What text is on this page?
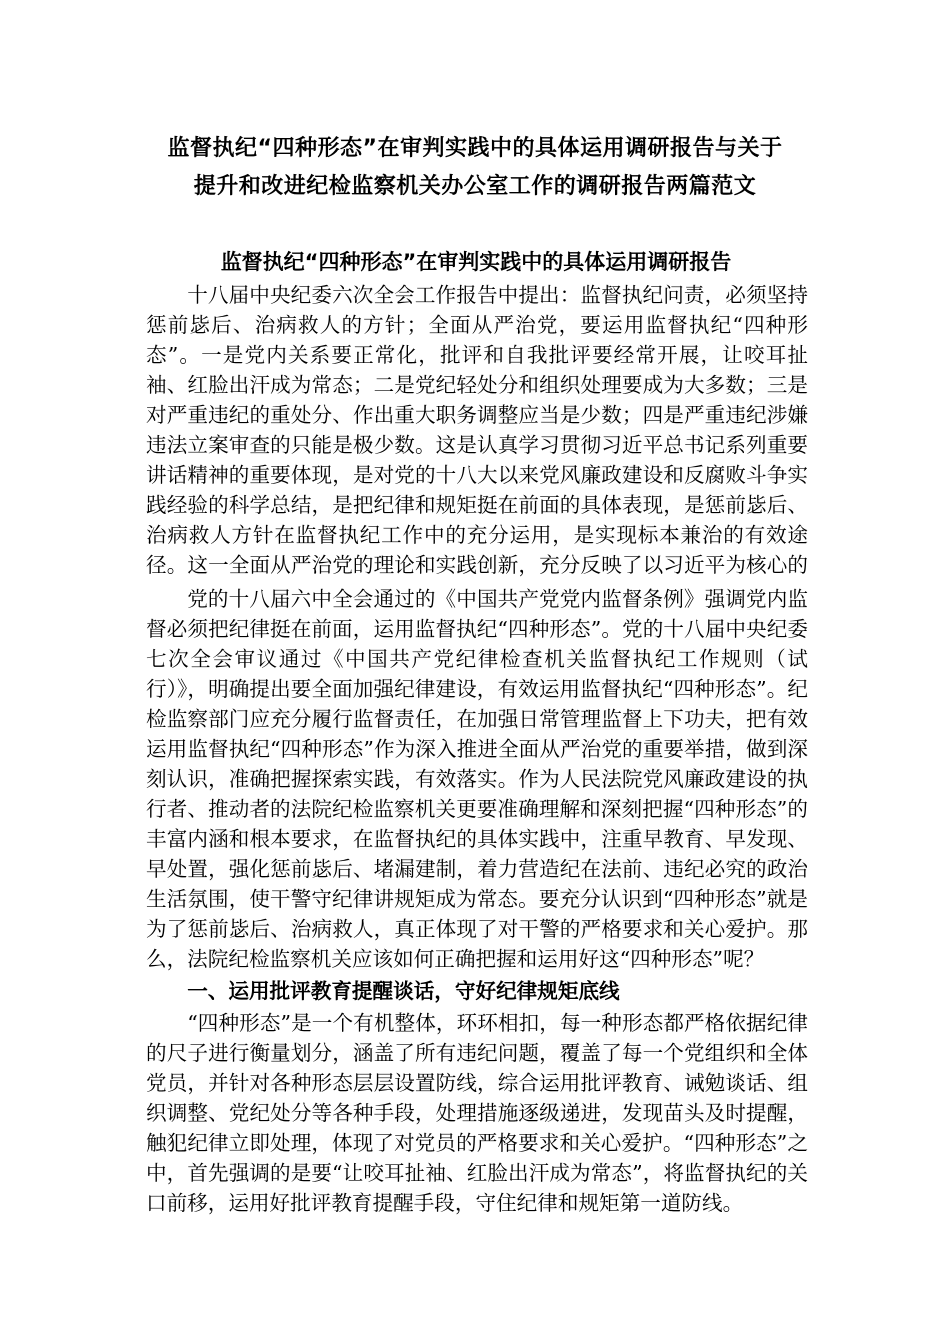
监督执纪“四种形态”在审判实践中的具体运用调研报告与关于
提升和改进纪检监察机关办公室工作的调研报告两篇范文
监督执纪“四种形态”在审判实践中的具体运用调研报告

十八届中央纪委六次全会工作报告中提出：监督执纪问责，必须坚持惩前毖后、治病救人的方针；全面从严治党，要运用监督执纪“四种形态”。一是党内关系要正常化，批评和自我批评要经常开展，让咬耳扯袖、红脸出汗成为常态；二是党纪轻处分和组织处理要成为大多数；三是对严重违纪的重处分、作出重大职务调整应当是少数；四是严重违纪涉嫌违法立案审查的只能是极少数。这是认真学习贯彻习近平总书记系列重要讲话精神的重要体现，是对党的十八大以来党风廉政建设和反腐败斗争实践经验的科学总结，是把纪律和规矩挺在前面的具体表现，是惩前毖后、治病救人方针在监督执纪工作中的充分运用，是实现标本兼治的有效途径。这一全面从严治党的理论和实践创新，充分反映了以习近平为核心的

党的十八届六中全会通过的《中国共产党党内监督条例》强调党内监督必须把纪律挺在前面，运用监督执纪“四种形态”。党的十八届中央纪委七次全会审议通过《中国共产党纪律检查机关监督执纪工作规则（试行）》，明确提出要全面加强纪律建设，有效运用监督执纪“四种形态”。纪检监察部门应充分履行监督责任，在加强日常管理监督上下功夫，把有效运用监督执纪“四种形态”作为深入推进全面从严治党的重要举措，做到深刻认识，准确把握探索实践，有效落实。作为人民法院党风廉政建设的执行者、推动者的法院纪检监察机关更要准确理解和深刻把握“四种形态”的丰富内涵和根本要求，在监督执纪的具体实践中，注重早教育、早发现、早处置，强化惩前毖后、堵漏建制，着力营造纪在法前、违纪必究的政治生活氛围，使干警守纪律讲规矩成为常态。要充分认识到“四种形态”就是为了惩前毖后、治病救人，真正体现了对干警的严格要求和关心爱护。那么，法院纪检监察机关应该如何正确把握和运用好这“四种形态”呢？

一、运用批评教育提醒谈话，守好纪律规矩底线

“四种形态”是一个有机整体，环环相扣，每一种形态都严格依据纪律的尺子进行衡量划分，涵盖了所有违纪问题，覆盖了每一个党组织和全体党员，并针对各种形态层层设置防线，综合运用批评教育、诫勉谈话、组织调整、党纪处分等各种手段，处理措施逐级递进，发现苗头及时提醒，触犯纪律立即处理，体现了对党员的严格要求和关心爱护。“四种形态”之中，首先强调的是要“让咬耳扯袖、红脸出汗成为常态”，将监督执纪的关口前移，运用好批评教育提醒手段，守住纪律和规矩第一道防线。
